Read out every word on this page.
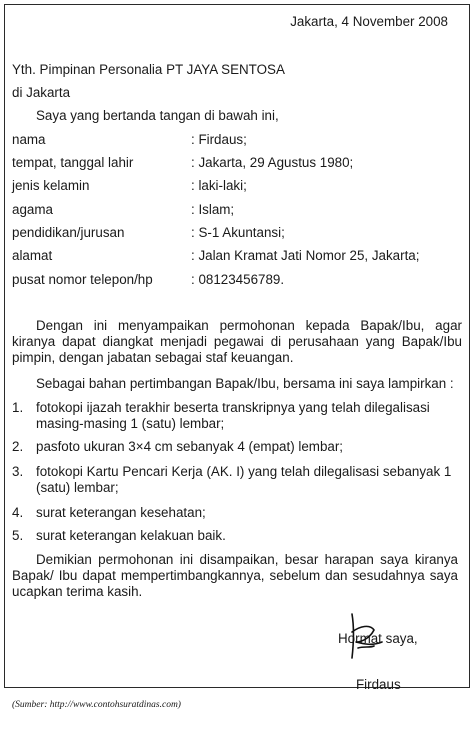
Jakarta, 4 November 2008
Yth. Pimpinan Personalia PT JAYA SENTOSA
di Jakarta
Saya yang bertanda tangan di bawah ini,
nama	: Firdaus;
tempat, tanggal lahir	: Jakarta, 29 Agustus 1980;
jenis kelamin	: laki-laki;
agama	: Islam;
pendidikan/jurusan	: S-1 Akuntansi;
alamat	: Jalan Kramat Jati Nomor 25, Jakarta;
pusat nomor telepon/hp	: 08123456789.
Dengan ini menyampaikan permohonan kepada Bapak/Ibu, agar kiranya dapat diangkat menjadi pegawai di perusahaan yang Bapak/Ibu pimpin, dengan jabatan sebagai staf keuangan.
Sebagai bahan pertimbangan Bapak/Ibu, bersama ini saya lampirkan :
1. fotokopi ijazah terakhir beserta transkripnya yang telah dilegalisasi masing-masing 1 (satu) lembar;
2. pasfoto ukuran 3×4 cm sebanyak 4 (empat) lembar;
3. fotokopi Kartu Pencari Kerja (AK. I) yang telah dilegalisasi sebanyak 1 (satu) lembar;
4. surat keterangan kesehatan;
5. surat keterangan kelakuan baik.
Demikian permohonan ini disampaikan, besar harapan saya kiranya Bapak/ Ibu dapat mempertimbangkannya, sebelum dan sesudahnya saya ucapkan terima kasih.
Hormat saya,
Firdaus
(Sumber: http://www.contohsuratdinas.com)
